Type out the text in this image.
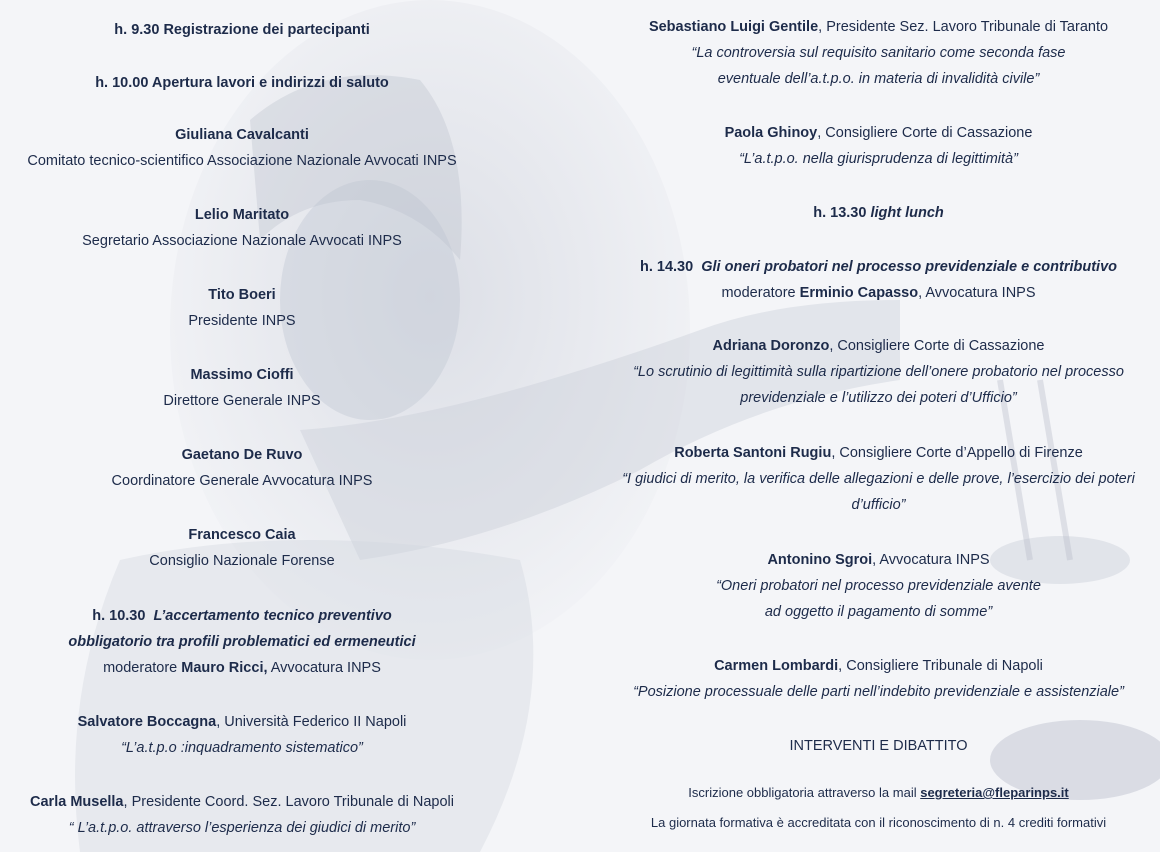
h. 9.30 Registrazione dei partecipanti
h. 10.00 Apertura lavori e indirizzi di saluto
Giuliana Cavalcanti
Comitato tecnico-scientifico Associazione Nazionale Avvocati INPS
Lelio Maritato
Segretario Associazione Nazionale Avvocati INPS
Tito Boeri
Presidente INPS
Massimo Cioffi
Direttore Generale INPS
Gaetano De Ruvo
Coordinatore Generale Avvocatura INPS
Francesco Caia
Consiglio Nazionale Forense
h. 10.30 L’accertamento tecnico preventivo
obbligatorio tra profili problematici ed ermeneutici
moderatore Mauro Ricci, Avvocatura INPS
Salvatore Boccagna, Università Federico II Napoli
“L’a.t.p.o :inquadramento sistematico”
Carla Musella, Presidente Coord. Sez. Lavoro Tribunale di Napoli
“ L’a.t.p.o. attraverso l’esperienza dei giudici di merito”
Sebastiano Luigi Gentile, Presidente Sez. Lavoro Tribunale di Taranto
“La controversia sul requisito sanitario come seconda fase
eventuale dell’a.t.p.o. in materia di invalidità civile”
Paola Ghinoy, Consigliere Corte di Cassazione
“L’a.t.p.o. nella giurisprudenza di legittimità”
h. 13.30 light lunch
h. 14.30 Gli oneri probatori nel processo previdenziale e contributivo
moderatore Erminio Capasso, Avvocatura INPS
Adriana Doronzo, Consigliere Corte di Cassazione
“Lo scrutinio di legittimità sulla ripartizione dell’onere probatorio nel processo
previdenziale e l’utilizzo dei poteri d’Ufficio”
Roberta Santoni Rugiu, Consigliere Corte d’Appello di Firenze
“I giudici di merito, la verifica delle allegazioni e delle prove, l’esercizio dei poteri
d’ufficio”
Antonino Sgroi, Avvocatura INPS
“Oneri probatori nel processo previdenziale avente
ad oggetto il pagamento di somme”
Carmen Lombardi, Consigliere Tribunale di Napoli
“Posizione processuale delle parti nell’indebito previdenziale e assistenziale”
INTERVENTI E DIBATTITO
Iscrizione obbligatoria attraverso la mail segreteria@fleparinps.it
La giornata formativa è accreditata con il riconoscimento di n. 4 crediti formativi
